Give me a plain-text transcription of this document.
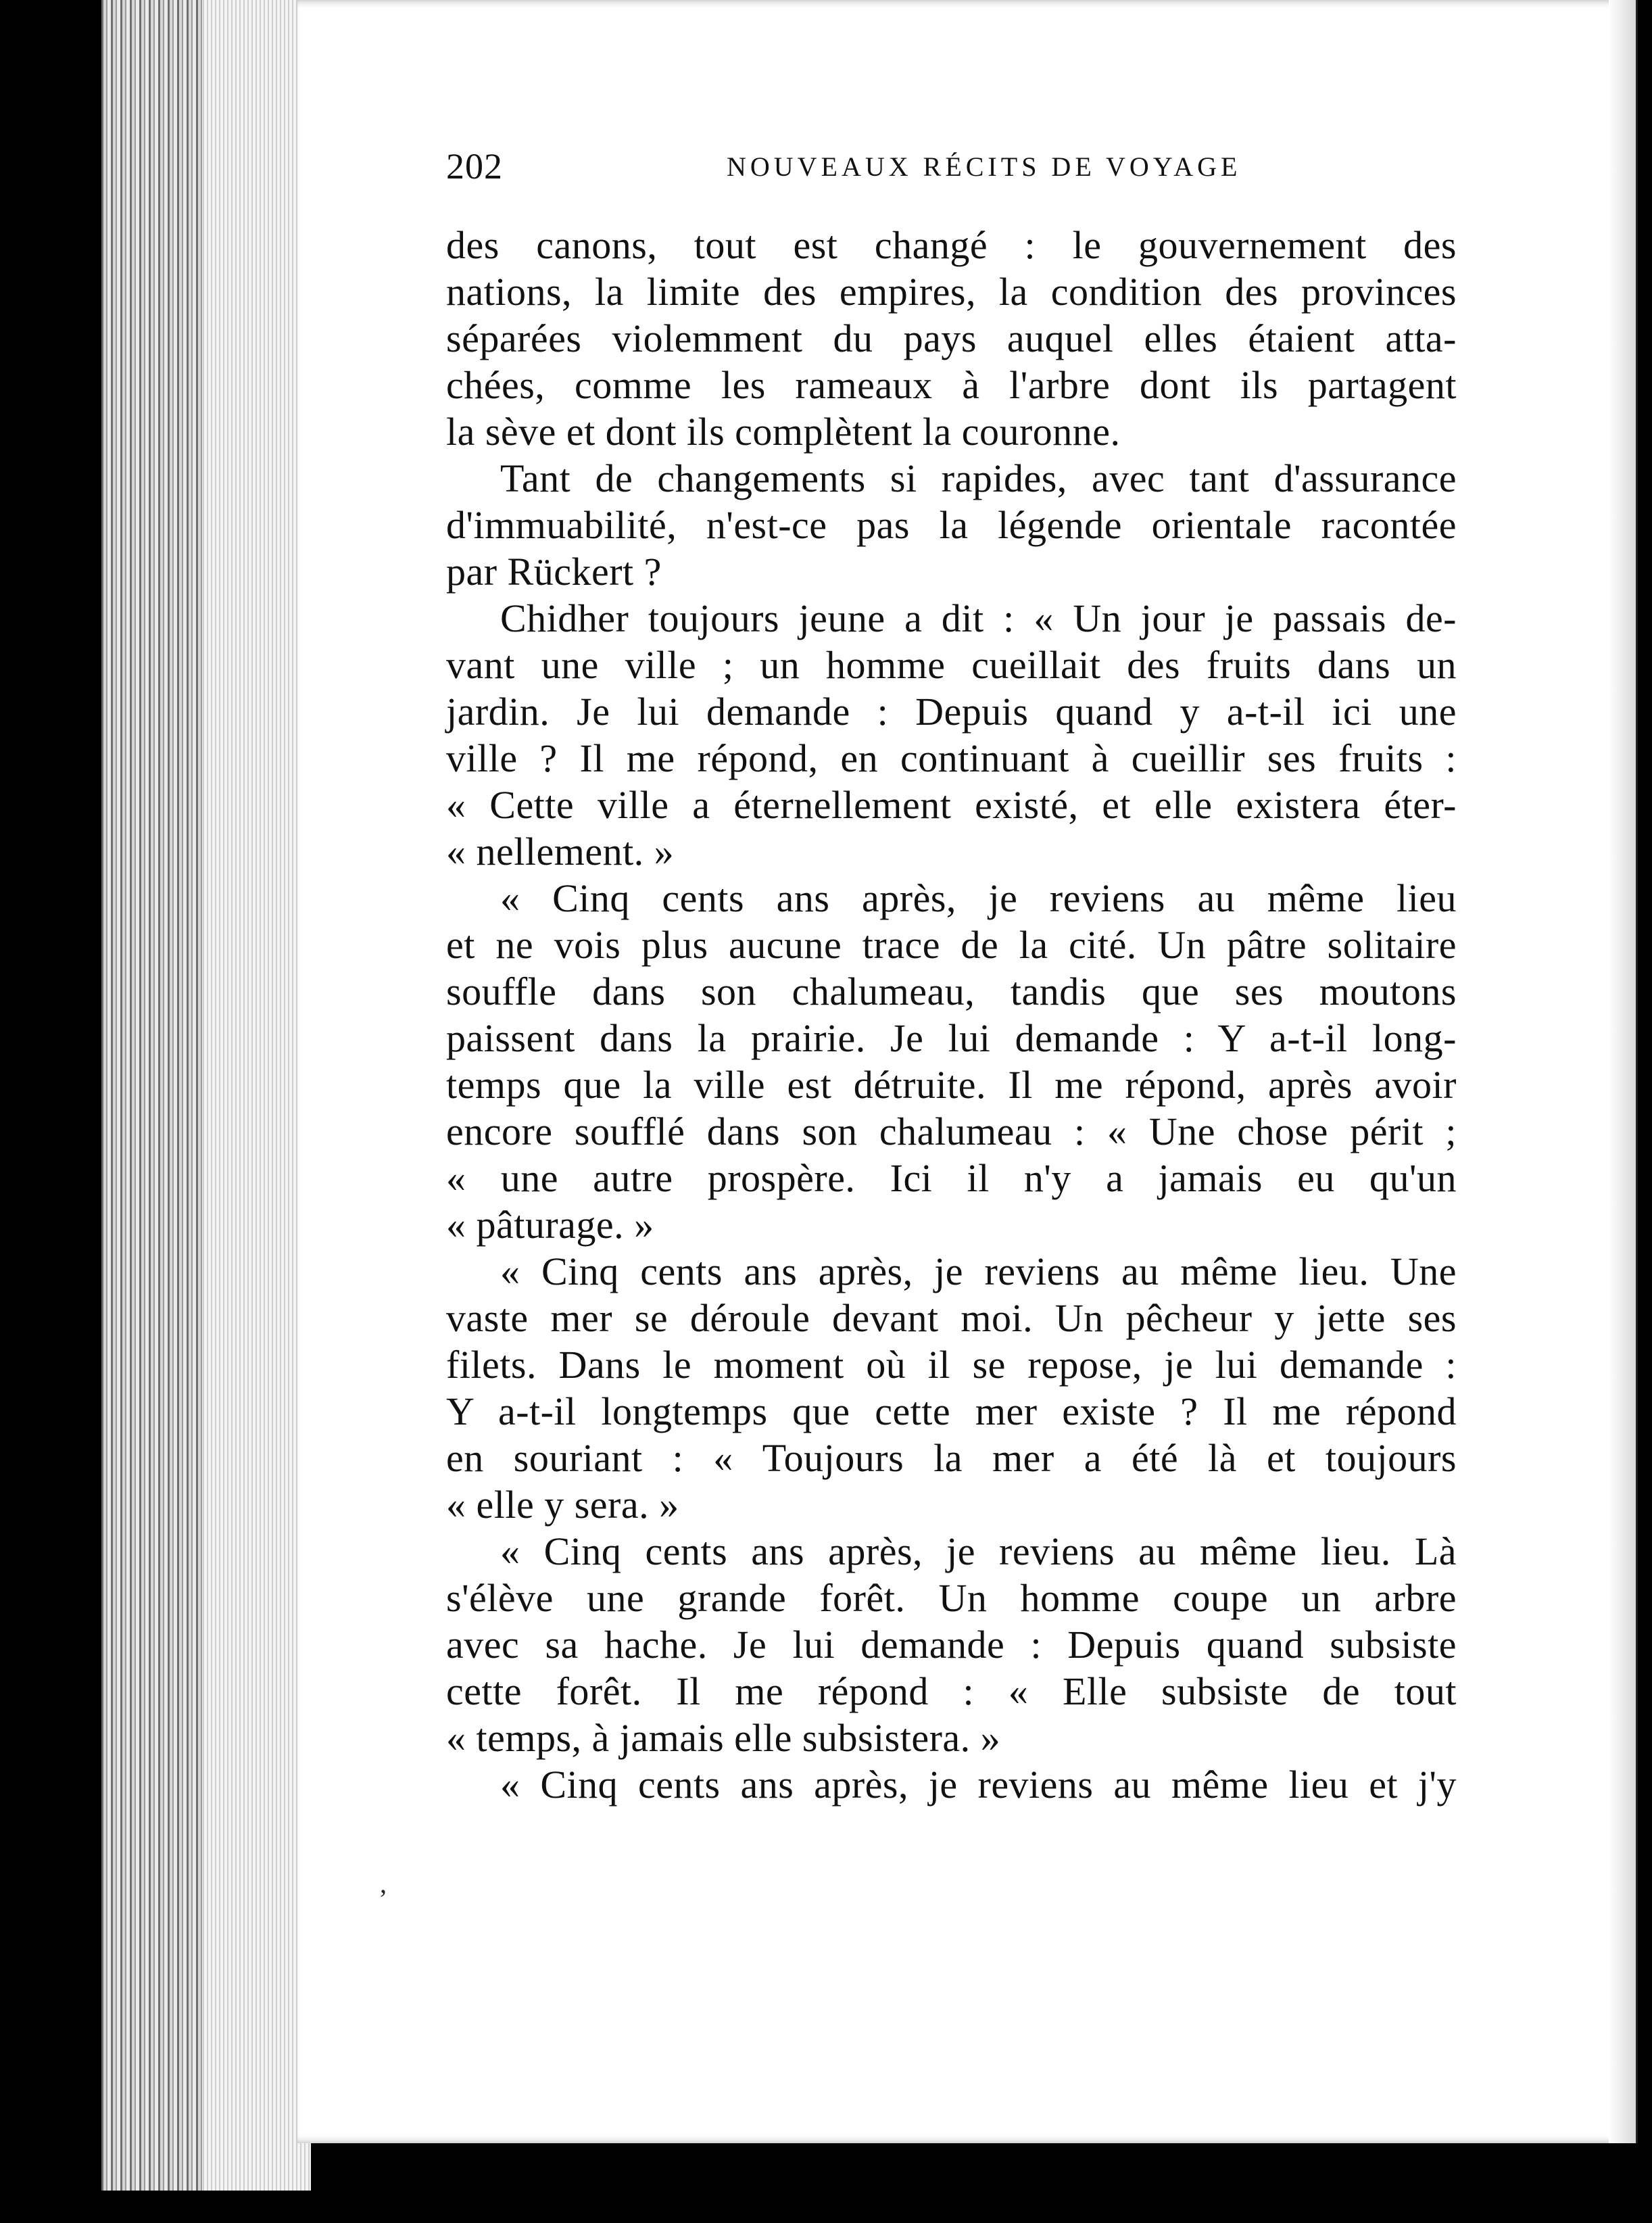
202	NOUVEAUX RÉCITS DE VOYAGE
des canons, tout est changé : le gouvernement des
nations, la limite des empires, la condition des provinces
séparées violemment du pays auquel elles étaient atta-
chées, comme les rameaux à l'arbre dont ils partagent
la sève et dont ils complètent la couronne.
Tant de changements si rapides, avec tant d'assurance
d'immuabilité, n'est-ce pas la légende orientale racontée
par Rückert ?
Chidher toujours jeune a dit : « Un jour je passais de-
vant une ville ; un homme cueillait des fruits dans un
jardin. Je lui demande : Depuis quand y a-t-il ici une
ville ? Il me répond, en continuant à cueillir ses fruits :
« Cette ville a éternellement existé, et elle existera éter-
« nellement. »
« Cinq cents ans après, je reviens au même lieu
et ne vois plus aucune trace de la cité. Un pâtre solitaire
souffle dans son chalumeau, tandis que ses moutons
paissent dans la prairie. Je lui demande : Y a-t-il long-
temps que la ville est détruite. Il me répond, après avoir
encore soufflé dans son chalumeau : « Une chose périt ;
« une autre prospère. Ici il n'y a jamais eu qu'un
« pâturage. »
« Cinq cents ans après, je reviens au même lieu. Une
vaste mer se déroule devant moi. Un pêcheur y jette ses
filets. Dans le moment où il se repose, je lui demande :
Y a-t-il longtemps que cette mer existe ? Il me répond
en souriant : « Toujours la mer a été là et toujours
« elle y sera. »
« Cinq cents ans après, je reviens au même lieu. Là
s'élève une grande forêt. Un homme coupe un arbre
avec sa hache. Je lui demande : Depuis quand subsiste
cette forêt. Il me répond : « Elle subsiste de tout
« temps, à jamais elle subsistera. »
« Cinq cents ans après, je reviens au même lieu et j'y
’
